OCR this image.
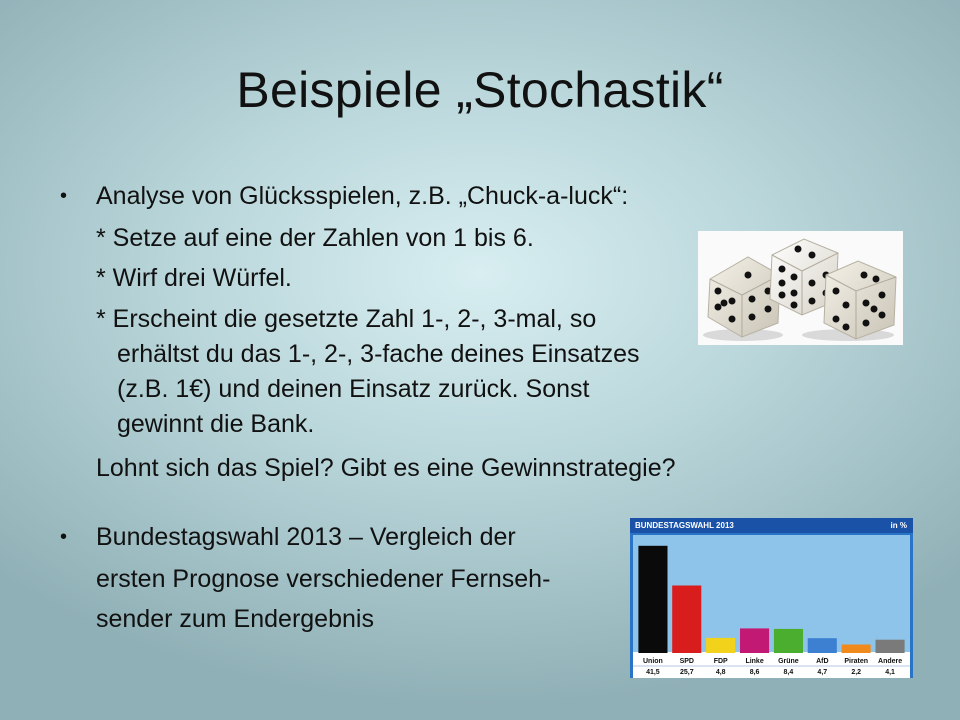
Beispiele „Stochastik“
• Analyse von Glücksspielen, z.B. „Chuck-a-luck“:
* Setze auf eine der Zahlen von 1 bis 6.
* Wirf drei Würfel.
* Erscheint die gesetzte Zahl 1-, 2-, 3-mal, so
erhältst du das 1-, 2-, 3-fache deines Einsatzes
(z.B. 1€) und deinen Einsatz zurück. Sonst
gewinnt die Bank.
Lohnt sich das Spiel? Gibt es eine Gewinnstrategie?
• Bundestagswahl 2013 – Vergleich der
ersten Prognose verschiedener Fernseh-
sender zum Endergebnis
BUNDESTAGSWAHL 2013	in %
Union
41,5
SPD
25,7
FDP
4,8
Linke
8,6
Grüne
8,4
AfD
4,7
Piraten
2,2
Andere
4,1
